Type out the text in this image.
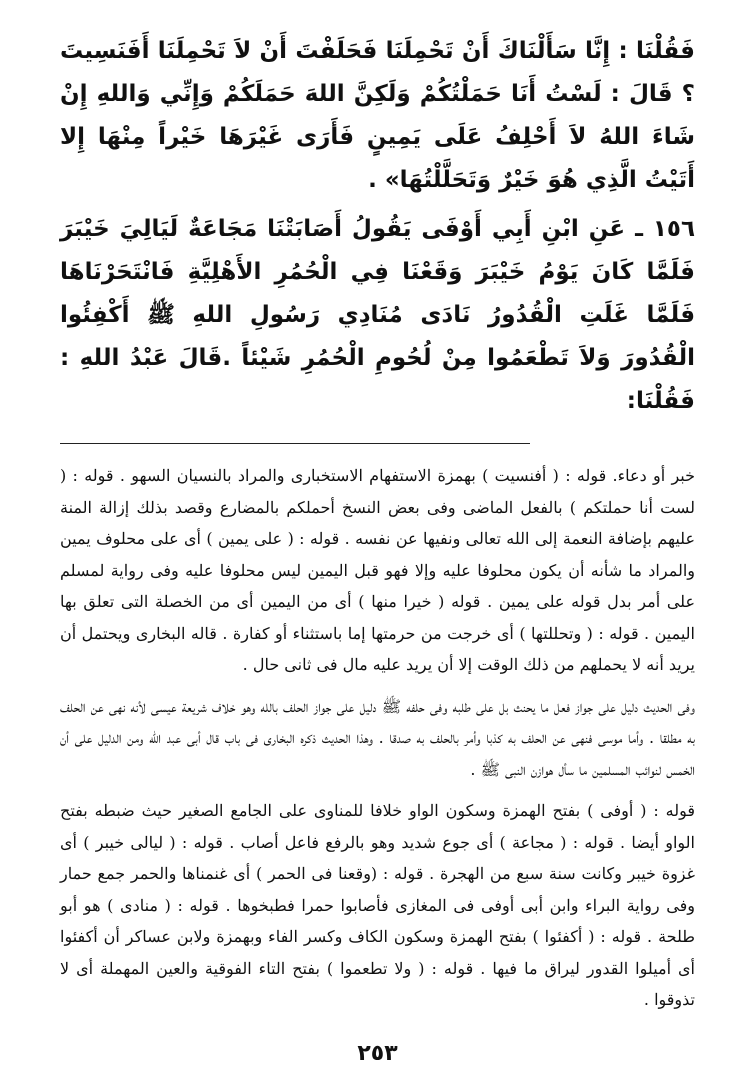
فَقُلْنَا : إِنَّا سَأَلْنَاكَ أَنْ تَحْمِلَنَا فَحَلَفْتَ أَنْ لاَ تَحْمِلَنَا أَفَنَسِيتَ ؟ قَالَ : لَسْتُ أَنَا حَمَلْتُكُمْ وَلَكِنَّ اللهَ حَمَلَكُمْ وَإِنِّي وَاللهِ إِنْ شَاءَ اللهُ لاَ أَحْلِفُ عَلَى يَمِينٍ فَأَرَى غَيْرَهَا خَيْراً مِنْهَا إِلا أَتَيْتُ الَّذِي هُوَ خَيْرٌ وَتَحَلَّلْتُهَا» .

١٥٦ ـ عَنِ ابْنِ أَبِي أَوْفَى يَقُولُ أَصَابَتْنَا مَجَاعَةٌ لَيَالِيَ خَيْبَرَ فَلَمَّا كَانَ يَوْمُ خَيْبَرَ وَقَعْنَا فِي الْحُمُرِ الأَهْلِيَّةِ فَانْتَحَرْنَاهَا فَلَمَّا غَلَتِ الْقُدُورُ نَادَى مُنَادِي رَسُولِ اللهِ ﷺ أَكْفِئُوا الْقُدُورَ وَلاَ تَطْعَمُوا مِنْ لُحُومِ الْحُمُرِ شَيْئاً .قَالَ عَبْدُ اللهِ : فَقُلْنَا:

خبر أو دعاء. قوله : ( أفنسيت ) بهمزة الاستفهام الاستخبارى والمراد بالنسيان السهو . قوله : ( لست أنا حملتكم ) بالفعل الماضى وفى بعض النسخ أحملكم بالمضارع وقصد بذلك إزالة المنة عليهم بإضافة النعمة إلى الله تعالى ونفيها عن نفسه . قوله : ( على يمين ) أى على محلوف يمين والمراد ما شأنه أن يكون محلوفا عليه وإلا فهو قبل اليمين ليس محلوفا عليه وفى رواية لمسلم على أمر بدل قوله على يمين . قوله ( خيرا منها ) أى من اليمين أى من الخصلة التى تعلق بها اليمين . قوله : ( وتحللتها ) أى خرجت من حرمتها إما باستثناء أو كفارة . قاله البخارى ويحتمل أن يريد أنه لا يحملهم من ذلك الوقت إلا أن يريد عليه مال فى ثانى حال .

وفى الحديث دليل على جواز فعل ما يحنث بل على طلبه وفى حلفه ﷺ دليل على جواز الحلف بالله وهو خلاف شريعة عيسى لأنه نهى عن الحلف به مطلقا . وأما موسى فنهى عن الحلف به كذبا وأمر بالحلف به صدقا . وهذا الحديث ذكره البخارى فى باب قال أبى عبد الله ومن الدليل على أن الخمس لنوائب المسلمين ما سأل هوازن النبى ﷺ .

قوله : ( أوفى ) بفتح الهمزة وسكون الواو خلافا للمناوى على الجامع الصغير حيث ضبطه بفتح الواو أيضا . قوله : ( مجاعة ) أى جوع شديد وهو بالرفع فاعل أصاب . قوله : ( ليالى خيبر ) أى غزوة خيبر وكانت سنة سبع من الهجرة . قوله : (وقعنا فى الحمر ) أى غنمناها والحمر جمع حمار وفى رواية البراء وابن أبى أوفى فى المغازى فأصابوا حمرا فطبخوها . قوله : ( منادى ) هو أبو طلحة . قوله : ( أكفئوا ) بفتح الهمزة وسكون الكاف وكسر الفاء وبهمزة ولابن عساكر أن أكفئوا أى أميلوا القدور ليراق ما فيها . قوله : ( ولا تطعموا ) بفتح التاء الفوقية والعين المهملة أى لا تذوقوا .

٢٥٣
